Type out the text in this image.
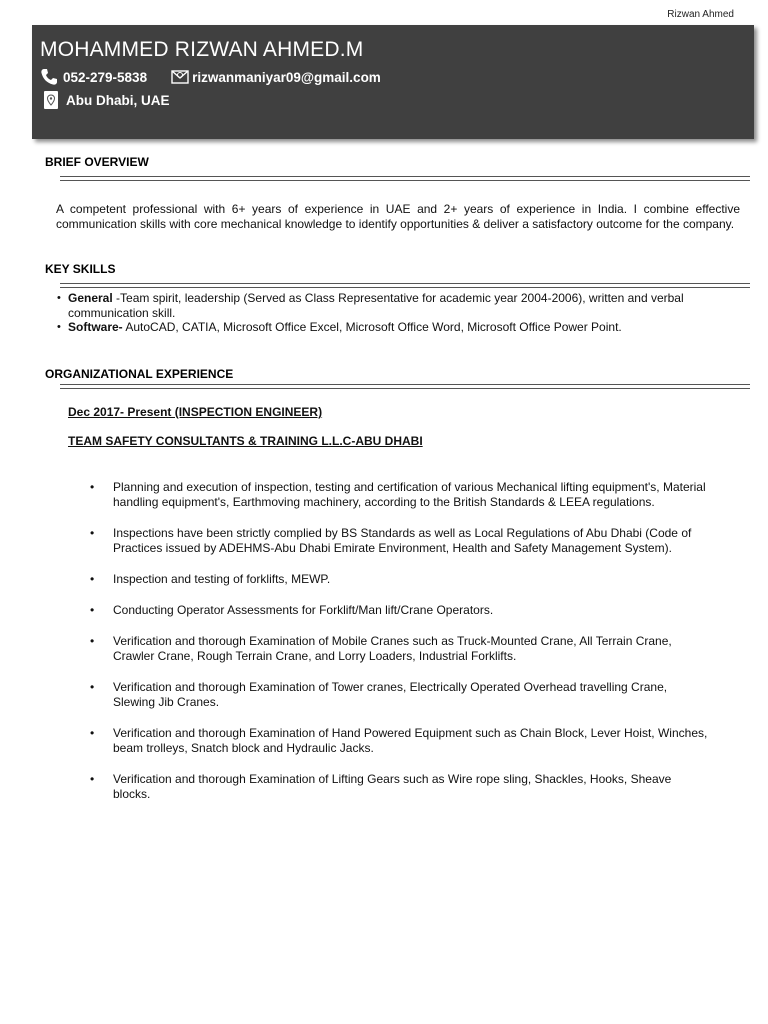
Rizwan Ahmed
MOHAMMED RIZWAN AHMED.M
052-279-5838	rizwanmaniyar09@gmail.com
Abu Dhabi, UAE
BRIEF OVERVIEW

A competent professional with 6+ years of experience in UAE and 2+ years of experience in India. I combine effective communication skills with core mechanical knowledge to identify opportunities & deliver a satisfactory outcome for the company.

KEY SKILLS
• General -Team spirit, leadership (Served as Class Representative for academic year 2004-2006), written and verbal communication skill.
• Software- AutoCAD, CATIA, Microsoft Office Excel, Microsoft Office Word, Microsoft Office Power Point.
ORGANIZATIONAL EXPERIENCE

Dec 2017- Present (INSPECTION ENGINEER)

TEAM SAFETY CONSULTANTS & TRAINING L.L.C-ABU DHABI

• Planning and execution of inspection, testing and certification of various Mechanical lifting equipment's, Material handling equipment's, Earthmoving machinery, according to the British Standards & LEEA regulations.
• Inspections have been strictly complied by BS Standards as well as Local Regulations of Abu Dhabi (Code of Practices issued by ADEHMS-Abu Dhabi Emirate Environment, Health and Safety Management System).
• Inspection and testing of forklifts, MEWP.
• Conducting Operator Assessments for Forklift/Man lift/Crane Operators.
• Verification and thorough Examination of Mobile Cranes such as Truck-Mounted Crane, All Terrain Crane, Crawler Crane, Rough Terrain Crane, and Lorry Loaders, Industrial Forklifts.
• Verification and thorough Examination of Tower cranes, Electrically Operated Overhead travelling Crane, Slewing Jib Cranes.
• Verification and thorough Examination of Hand Powered Equipment such as Chain Block, Lever Hoist, Winches, beam trolleys, Snatch block and Hydraulic Jacks.
• Verification and thorough Examination of Lifting Gears such as Wire rope sling, Shackles, Hooks, Sheave blocks.
